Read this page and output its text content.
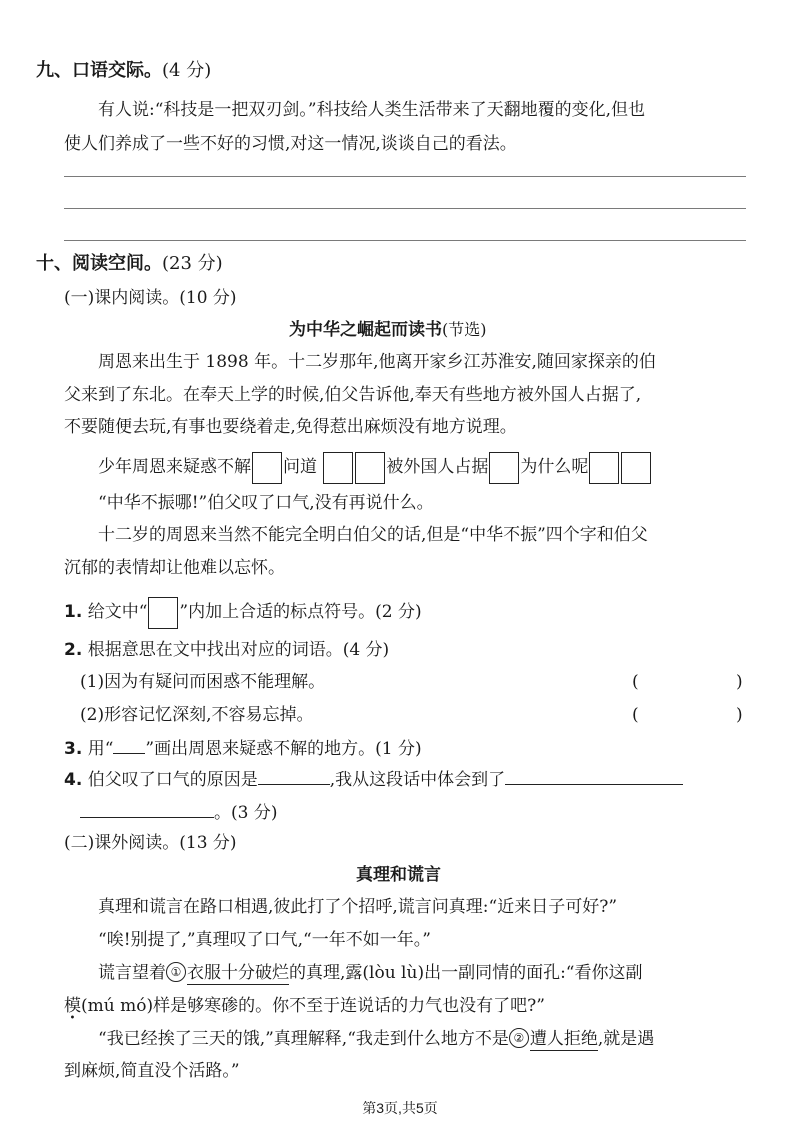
九、口语交际。(4 分)
有人说:“科技是一把双刃剑。”科技给人类生活带来了天翻地覆的变化,但也
使人们养成了一些不好的习惯,对这一情况,谈谈自己的看法。
十、阅读空间。(23 分)
(一)课内阅读。(10 分)
为中华之崛起而读书(节选)
周恩来出生于 1898 年。十二岁那年,他离开家乡江苏淮安,随回家探亲的伯
父来到了东北。在奉天上学的时候,伯父告诉他,奉天有些地方被外国人占据了,
不要随便去玩,有事也要绕着走,免得惹出麻烦没有地方说理。
少年周恩来疑惑不解 问道	被外国人占据 为什么呢
“中华不振哪!”伯父叹了口气,没有再说什么。
十二岁的周恩来当然不能完全明白伯父的话,但是“中华不振”四个字和伯父
沉郁的表情却让他难以忘怀。
1. 给文中“ ”内加上合适的标点符号。(2 分)
2. 根据意思在文中找出对应的词语。(4 分)
(1)因为有疑问而困惑不能理解。	(	)
(2)形容记忆深刻,不容易忘掉。	(	)
3. 用“ ”画出周恩来疑惑不解的地方。(1 分)
4. 伯父叹了口气的原因是	,我从这段话中体会到了
。(3 分)
(二)课外阅读。(13 分)
真理和谎言
真理和谎言在路口相遇,彼此打了个招呼,谎言问真理:“近来日子可好?”
“唉!别提了,”真理叹了口气,“一年不如一年。”
谎言望着 ① 衣服十分破烂的真理,露(lòu lù)出一副同情的面孔:“看你这副
模(mú mó)样是够寒碜的。你不至于连说话的力气也没有了吧?”
“我已经挨了三天的饿,”真理解释,“我走到什么地方不是 ② 遭人拒绝,就是遇
到麻烦,简直没个活路。”
第3页,共5页
